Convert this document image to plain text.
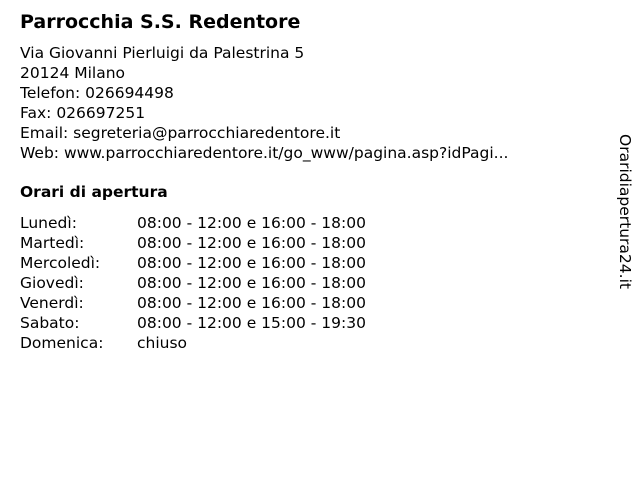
Parrocchia S.S. Redentore
Via Giovanni Pierluigi da Palestrina 5
20124 Milano
Telefon: 026694498
Fax: 026697251
Email: segreteria@parrocchiaredentore.it
Web: www.parrocchiaredentore.it/go_www/pagina.asp?idPagi...
Orari di apertura
Lunedì:	08:00 - 12:00 e 16:00 - 18:00
Martedì:	08:00 - 12:00 e 16:00 - 18:00
Mercoledì:	08:00 - 12:00 e 16:00 - 18:00
Giovedì:	08:00 - 12:00 e 16:00 - 18:00
Venerdì:	08:00 - 12:00 e 16:00 - 18:00
Sabato:	08:00 - 12:00 e 15:00 - 19:30
Domenica:	chiuso
Oraridiapertura24.it
